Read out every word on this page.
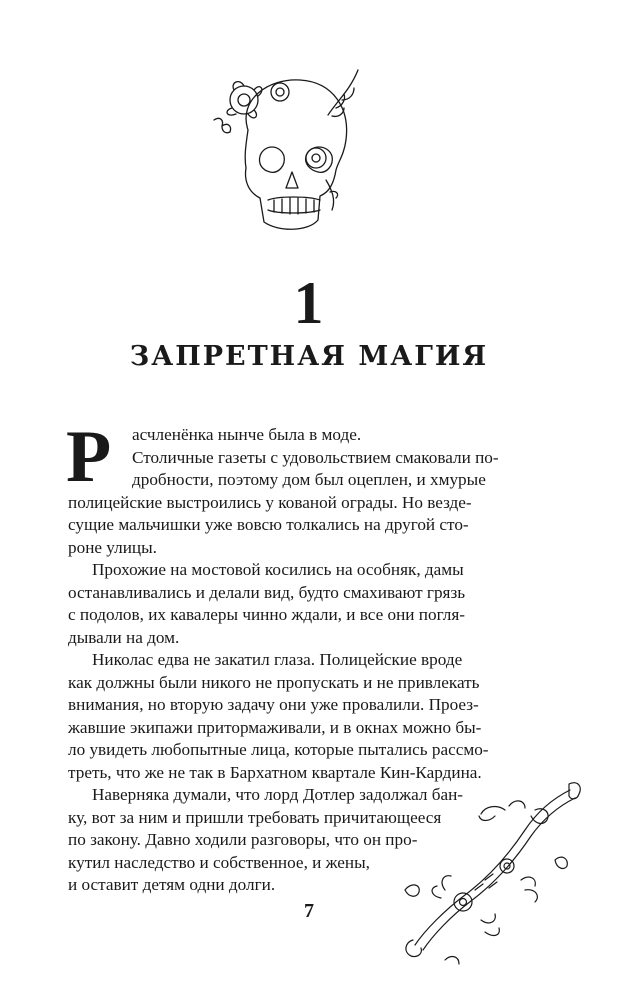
1
ЗАПРЕТНАЯ МАГИЯ
Р	асчленёнка нынче была в моде.
Столичные газеты с удовольствием смаковали по-
дробности, поэтому дом был оцеплен, и хмурые
полицейские выстроились у кованой ограды. Но везде-
сущие мальчишки уже вовсю толкались на другой сто-
роне улицы.
Прохожие на мостовой косились на особняк, дамы
останавливались и делали вид, будто смахивают грязь
с подолов, их кавалеры чинно ждали, и все они погля-
дывали на дом.
Николас едва не закатил глаза. Полицейские вроде
как должны были никого не пропускать и не привлекать
внимания, но вторую задачу они уже провалили. Проез-
жавшие экипажи притормаживали, и в окнах можно бы-
ло увидеть любопытные лица, которые пытались рассмо-
треть, что же не так в Бархатном квартале Кин-Кардина.
Наверняка думали, что лорд Дотлер задолжал бан-
ку, вот за ним и пришли требовать причитающееся
по закону. Давно ходили разговоры, что он про-
кутил наследство и собственное, и жены,
и оставит детям одни долги.
7
